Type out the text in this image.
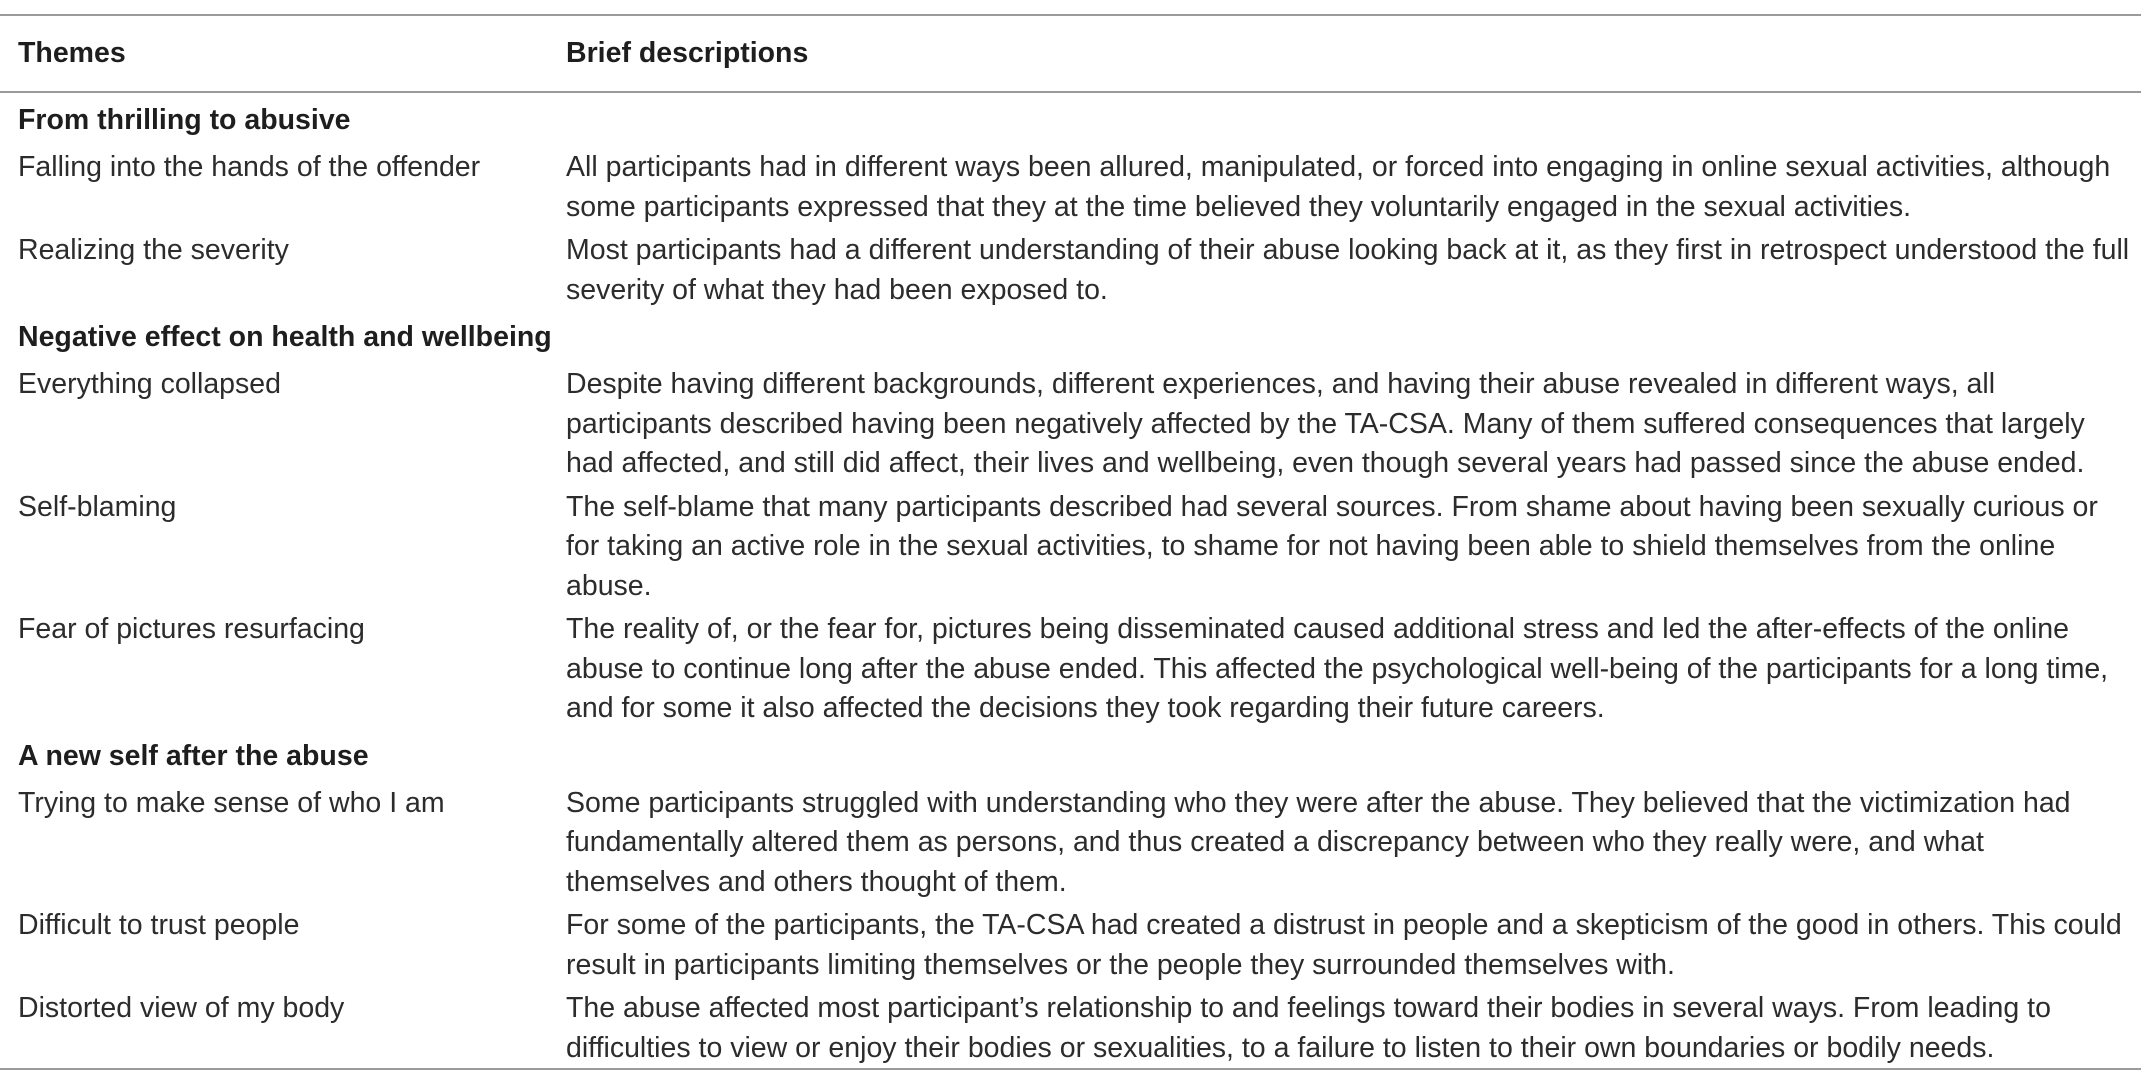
Themes	Brief descriptions
From thrilling to abusive	
Falling into the hands of the offender	All participants had in different ways been allured, manipulated, or forced into engaging in online sexual activities, although some participants expressed that they at the time believed they voluntarily engaged in the sexual activities.
Realizing the severity	Most participants had a different understanding of their abuse looking back at it, as they first in retrospect understood the full severity of what they had been exposed to.
Negative effect on health and wellbeing	
Everything collapsed	Despite having different backgrounds, different experiences, and having their abuse revealed in different ways, all participants described having been negatively affected by the TA-CSA. Many of them suffered consequences that largely had affected, and still did affect, their lives and wellbeing, even though several years had passed since the abuse ended.
Self-blaming	The self-blame that many participants described had several sources. From shame about having been sexually curious or for taking an active role in the sexual activities, to shame for not having been able to shield themselves from the online abuse.
Fear of pictures resurfacing	The reality of, or the fear for, pictures being disseminated caused additional stress and led the after-effects of the online abuse to continue long after the abuse ended. This affected the psychological well-being of the participants for a long time, and for some it also affected the decisions they took regarding their future careers.
A new self after the abuse	
Trying to make sense of who I am	Some participants struggled with understanding who they were after the abuse. They believed that the victimization had fundamentally altered them as persons, and thus created a discrepancy between who they really were, and what themselves and others thought of them.
Difficult to trust people	For some of the participants, the TA-CSA had created a distrust in people and a skepticism of the good in others. This could result in participants limiting themselves or the people they surrounded themselves with.
Distorted view of my body	The abuse affected most participant’s relationship to and feelings toward their bodies in several ways. From leading to difficulties to view or enjoy their bodies or sexualities, to a failure to listen to their own boundaries or bodily needs.
